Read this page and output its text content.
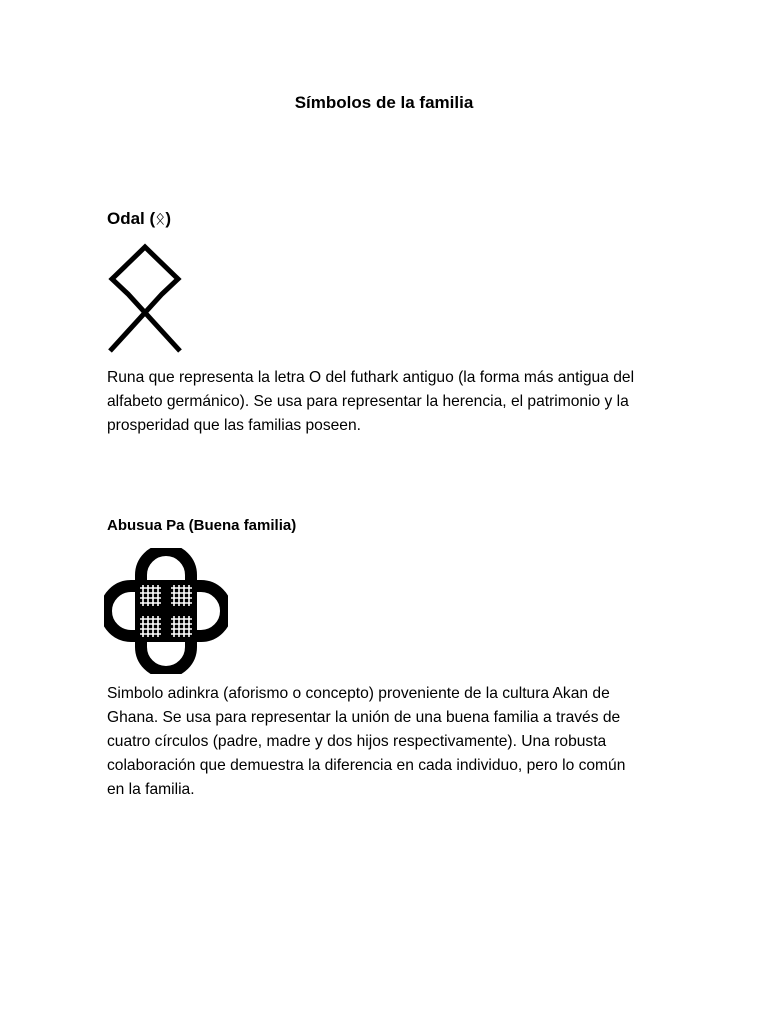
Símbolos de la familia
Odal (ᛟ)
Runa que representa la letra O del futhark antiguo (la forma más antigua del
alfabeto germánico). Se usa para representar la herencia, el patrimonio y la
prosperidad que las familias poseen.
Abusua Pa (Buena familia)
Simbolo adinkra (aforismo o concepto) proveniente de la cultura Akan de
Ghana. Se usa para representar la unión de una buena familia a través de
cuatro círculos (padre, madre y dos hijos respectivamente). Una robusta
colaboración que demuestra la diferencia en cada individuo, pero lo común
en la familia.
